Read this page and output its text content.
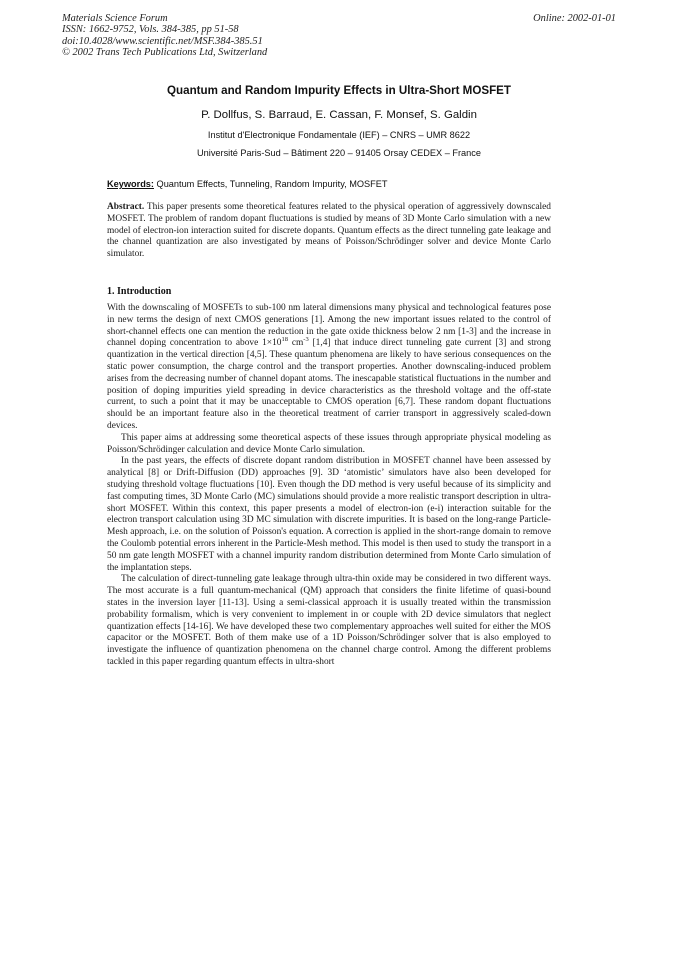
Materials Science Forum
ISSN: 1662-9752, Vols. 384-385, pp 51-58
doi:10.4028/www.scientific.net/MSF.384-385.51
© 2002 Trans Tech Publications Ltd, Switzerland
Online: 2002-01-01
Quantum and Random Impurity Effects in Ultra-Short MOSFET
P. Dollfus, S. Barraud, E. Cassan, F. Monsef, S. Galdin
Institut d'Electronique Fondamentale (IEF) – CNRS – UMR 8622
Université Paris-Sud – Bâtiment 220 – 91405 Orsay CEDEX – France
Keywords: Quantum Effects, Tunneling, Random Impurity, MOSFET
Abstract. This paper presents some theoretical features related to the physical operation of aggressively downscaled MOSFET. The problem of random dopant fluctuations is studied by means of 3D Monte Carlo simulation with a new model of electron-ion interaction suited for discrete dopants. Quantum effects as the direct tunneling gate leakage and the channel quantization are also investigated by means of Poisson/Schrödinger solver and device Monte Carlo simulator.
1. Introduction

With the downscaling of MOSFETs to sub-100 nm lateral dimensions many physical and technological features pose in new terms the design of next CMOS generations [1]. Among the new important issues related to the control of short-channel effects one can mention the reduction in the gate oxide thickness below 2 nm [1-3] and the increase in channel doping concentration to above $1\times 10^{18}$ $cm^{-3}$ [1,4] that induce direct tunneling gate current [3] and strong quantization in the vertical direction [4,5]. These quantum phenomena are likely to have serious consequences on the static power consumption, the charge control and the transport properties. Another downscaling-induced problem arises from the decreasing number of channel dopant atoms. The inescapable statistical fluctuations in the number and position of doping impurities yield spreading in device characteristics as the threshold voltage and the off-state current, to such a point that it may be unacceptable to CMOS operation [6,7]. These random dopant fluctuations should be an important feature also in the theoretical treatment of carrier transport in aggressively scaled-down devices.

This paper aims at addressing some theoretical aspects of these issues through appropriate physical modeling as Poisson/Schrödinger calculation and device Monte Carlo simulation.

In the past years, the effects of discrete dopant random distribution in MOSFET channel have been assessed by analytical [8] or Drift-Diffusion (DD) approaches [9]. 3D ‘atomistic’ simulators have also been developed for studying threshold voltage fluctuations [10]. Even though the DD method is very useful because of its simplicity and fast computing times, 3D Monte Carlo (MC) simulations should provide a more realistic transport description in ultra-short MOSFET. Within this context, this paper presents a model of electron-ion (e-i) interaction suitable for the electron transport calculation using 3D MC simulation with discrete impurities. It is based on the long-range Particle-Mesh approach, i.e. on the solution of Poisson's equation. A correction is applied in the short-range domain to remove the Coulomb potential errors inherent in the Particle-Mesh method. This model is then used to study the transport in a 50 nm gate length MOSFET with a channel impurity random distribution determined from Monte Carlo simulation of the implantation steps.

The calculation of direct-tunneling gate leakage through ultra-thin oxide may be considered in two different ways. The most accurate is a full quantum-mechanical (QM) approach that considers the finite lifetime of quasi-bound states in the inversion layer [11-13]. Using a semi-classical approach it is usually treated within the transmission probability formalism, which is very convenient to implement in or couple with 2D device simulators that neglect quantization effects [14-16]. We have developed these two complementary approaches well suited for either the MOS capacitor or the MOSFET. Both of them make use of a 1D Poisson/Schrödinger solver that is also employed to investigate the influence of quantization phenomena on the channel charge control. Among the different problems tackled in this paper regarding quantum effects in ultra-short
